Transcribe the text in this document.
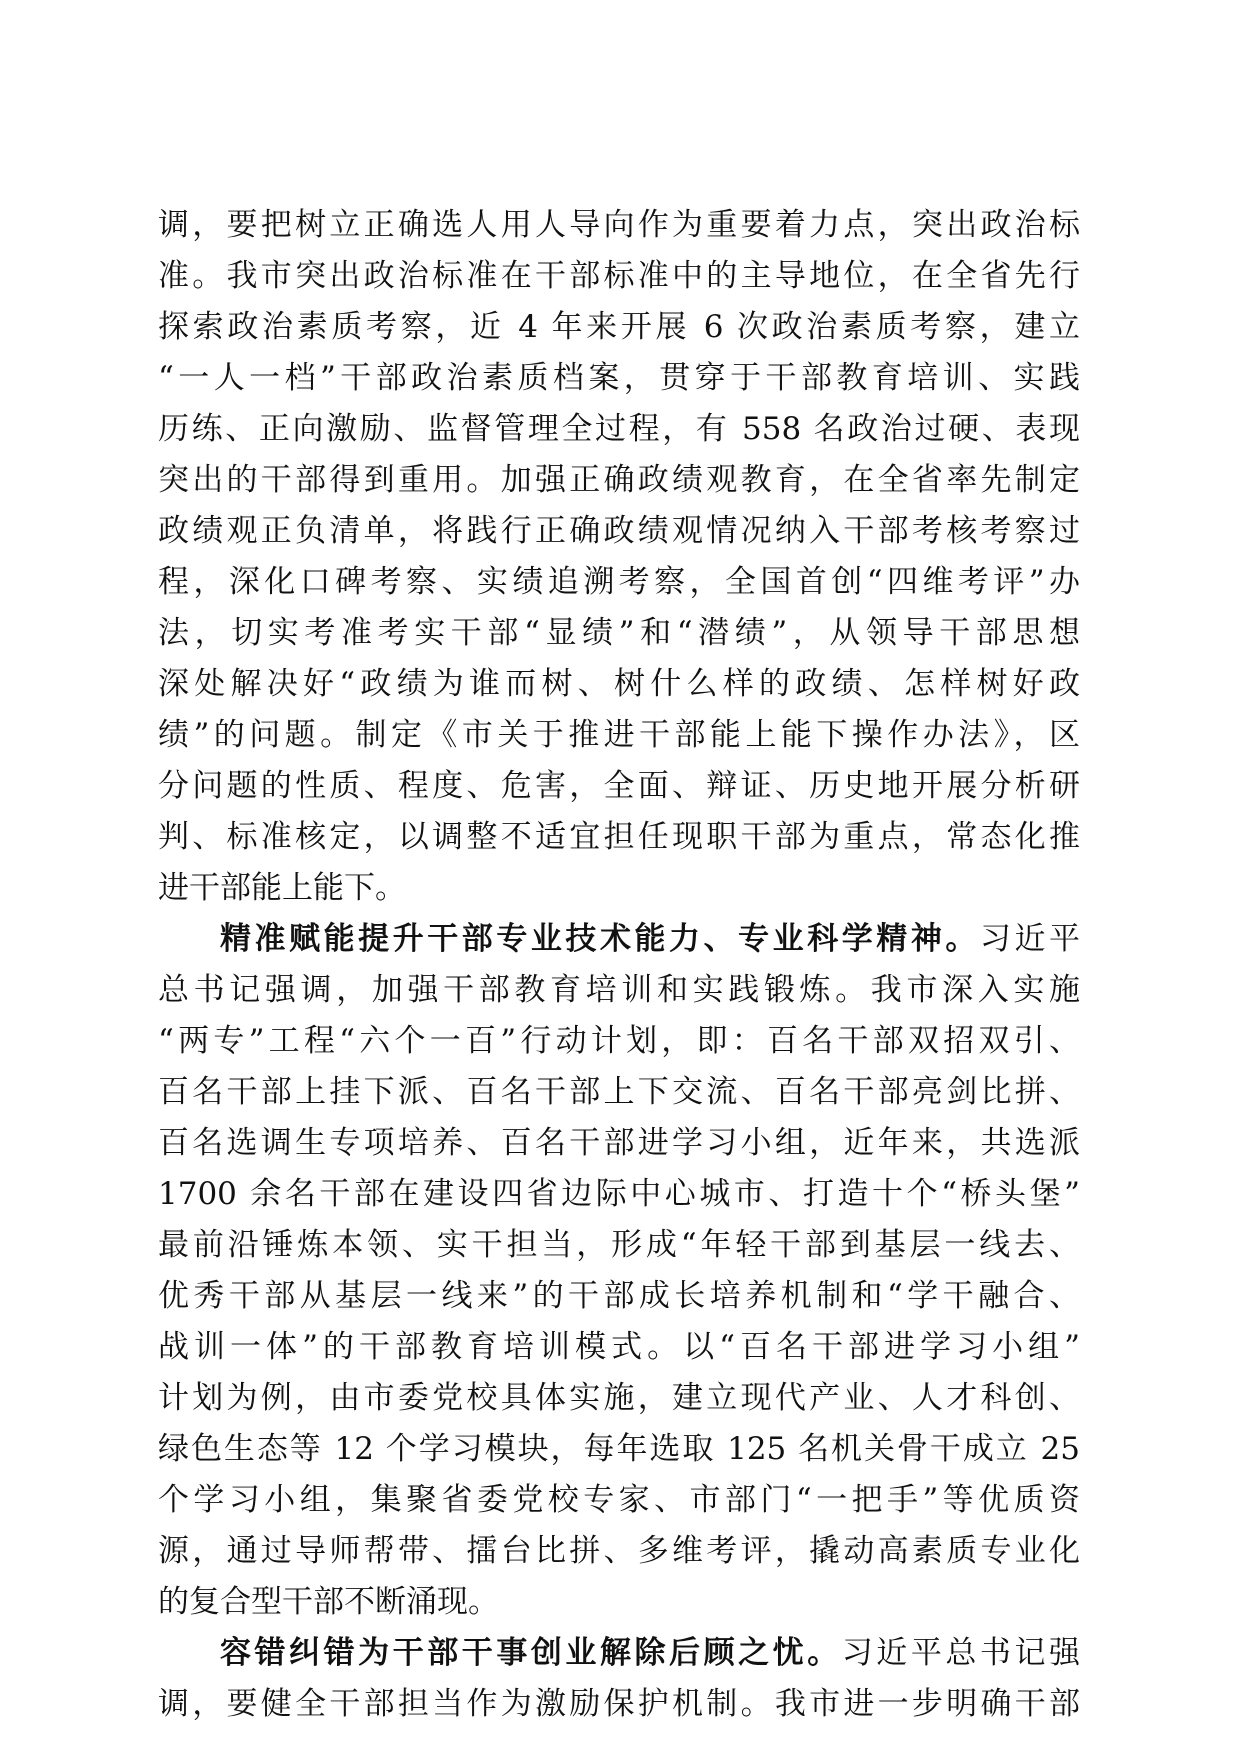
调，要把树立正确选人用人导向作为重要着力点，突出政治标
准。我市突出政治标准在干部标准中的主导地位，在全省先行
探索政治素质考察，近 4 年来开展 6 次政治素质考察，建立
“一人一档”干部政治素质档案，贯穿于干部教育培训、实践
历练、正向激励、监督管理全过程，有 558 名政治过硬、表现
突出的干部得到重用。加强正确政绩观教育，在全省率先制定
政绩观正负清单，将践行正确政绩观情况纳入干部考核考察过
程，深化口碑考察、实绩追溯考察，全国首创“四维考评”办
法，切实考准考实干部“显绩”和“潜绩”，从领导干部思想
深处解决好“政绩为谁而树、树什么样的政绩、怎样树好政
绩”的问题。制定《市关于推进干部能上能下操作办法》，区
分问题的性质、程度、危害，全面、辩证、历史地开展分析研
判、标准核定，以调整不适宜担任现职干部为重点，常态化推
进干部能上能下。
精准赋能提升干部专业技术能力、专业科学精神。习近平
总书记强调，加强干部教育培训和实践锻炼。我市深入实施
“两专”工程“六个一百”行动计划，即：百名干部双招双引、
百名干部上挂下派、百名干部上下交流、百名干部亮剑比拼、
百名选调生专项培养、百名干部进学习小组，近年来，共选派
1700 余名干部在建设四省边际中心城市、打造十个“桥头堡”
最前沿锤炼本领、实干担当，形成“年轻干部到基层一线去、
优秀干部从基层一线来”的干部成长培养机制和“学干融合、
战训一体”的干部教育培训模式。以“百名干部进学习小组”
计划为例，由市委党校具体实施，建立现代产业、人才科创、
绿色生态等 12 个学习模块，每年选取 125 名机关骨干成立 25
个学习小组，集聚省委党校专家、市部门“一把手”等优质资
源，通过导师帮带、擂台比拼、多维考评，撬动高素质专业化
的复合型干部不断涌现。
容错纠错为干部干事创业解除后顾之忧。习近平总书记强
调，要健全干部担当作为激励保护机制。我市进一步明确干部
